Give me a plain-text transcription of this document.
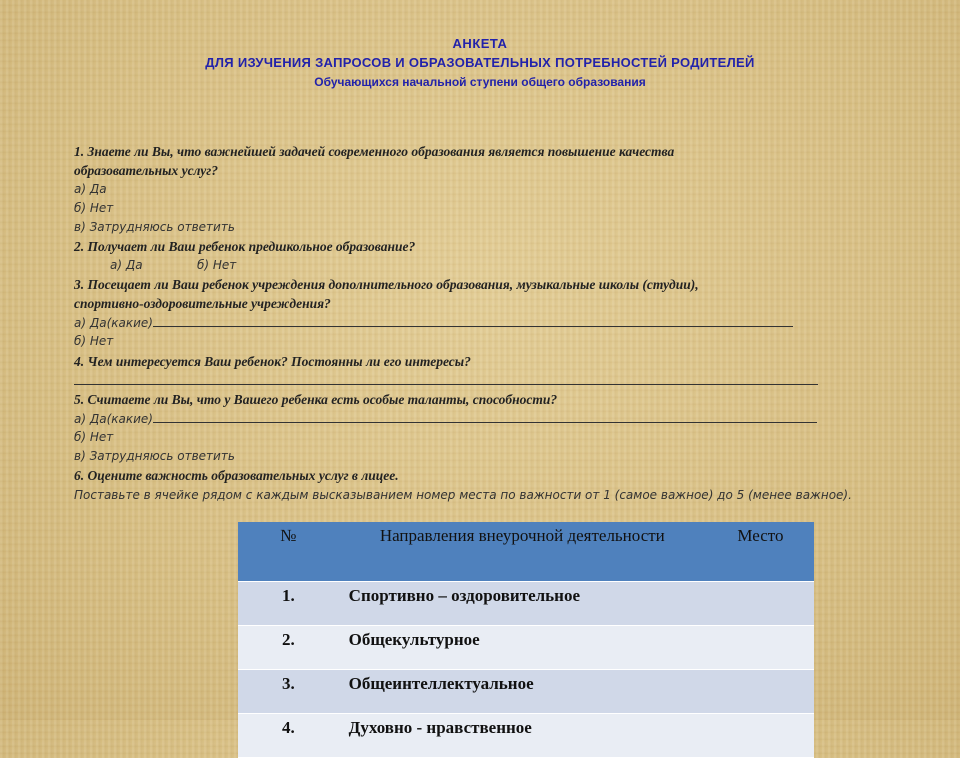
АНКЕТА
ДЛЯ ИЗУЧЕНИЯ ЗАПРОСОВ И ОБРАЗОВАТЕЛЬНЫХ ПОТРЕБНОСТЕЙ РОДИТЕЛЕЙ
Обучающихся начальной ступени общего образования
1. Знаете ли Вы, что важнейшей задачей современного образования является повышение качества
образовательных услуг?
а) Да
б) Нет
в) Затрудняюсь ответить
2. Получает ли Ваш ребенок предшкольное образование?
а) Да	б) Нет
3. Посещает ли Ваш ребенок учреждения дополнительного образования, музыкальные школы (студии),
спортивно-оздоровительные учреждения?
а) Да(какие)
б) Нет
4. Чем интересуется Ваш ребенок? Постоянны ли его интересы?
5. Считаете ли Вы, что у Вашего ребенка есть особые таланты, способности?
а) Да(какие)
б) Нет
в) Затрудняюсь ответить
6. Оцените важность образовательных услуг в лицее.
Поставьте в ячейке рядом с каждым высказыванием номер места по важности от 1 (самое важное) до 5 (менее важное).
№	Направления внеурочной деятельности	Место
1.	Спортивно – оздоровительное	
2.	Общекультурное	
3.	Общеинтеллектуальное	
4.	Духовно - нравственное	
